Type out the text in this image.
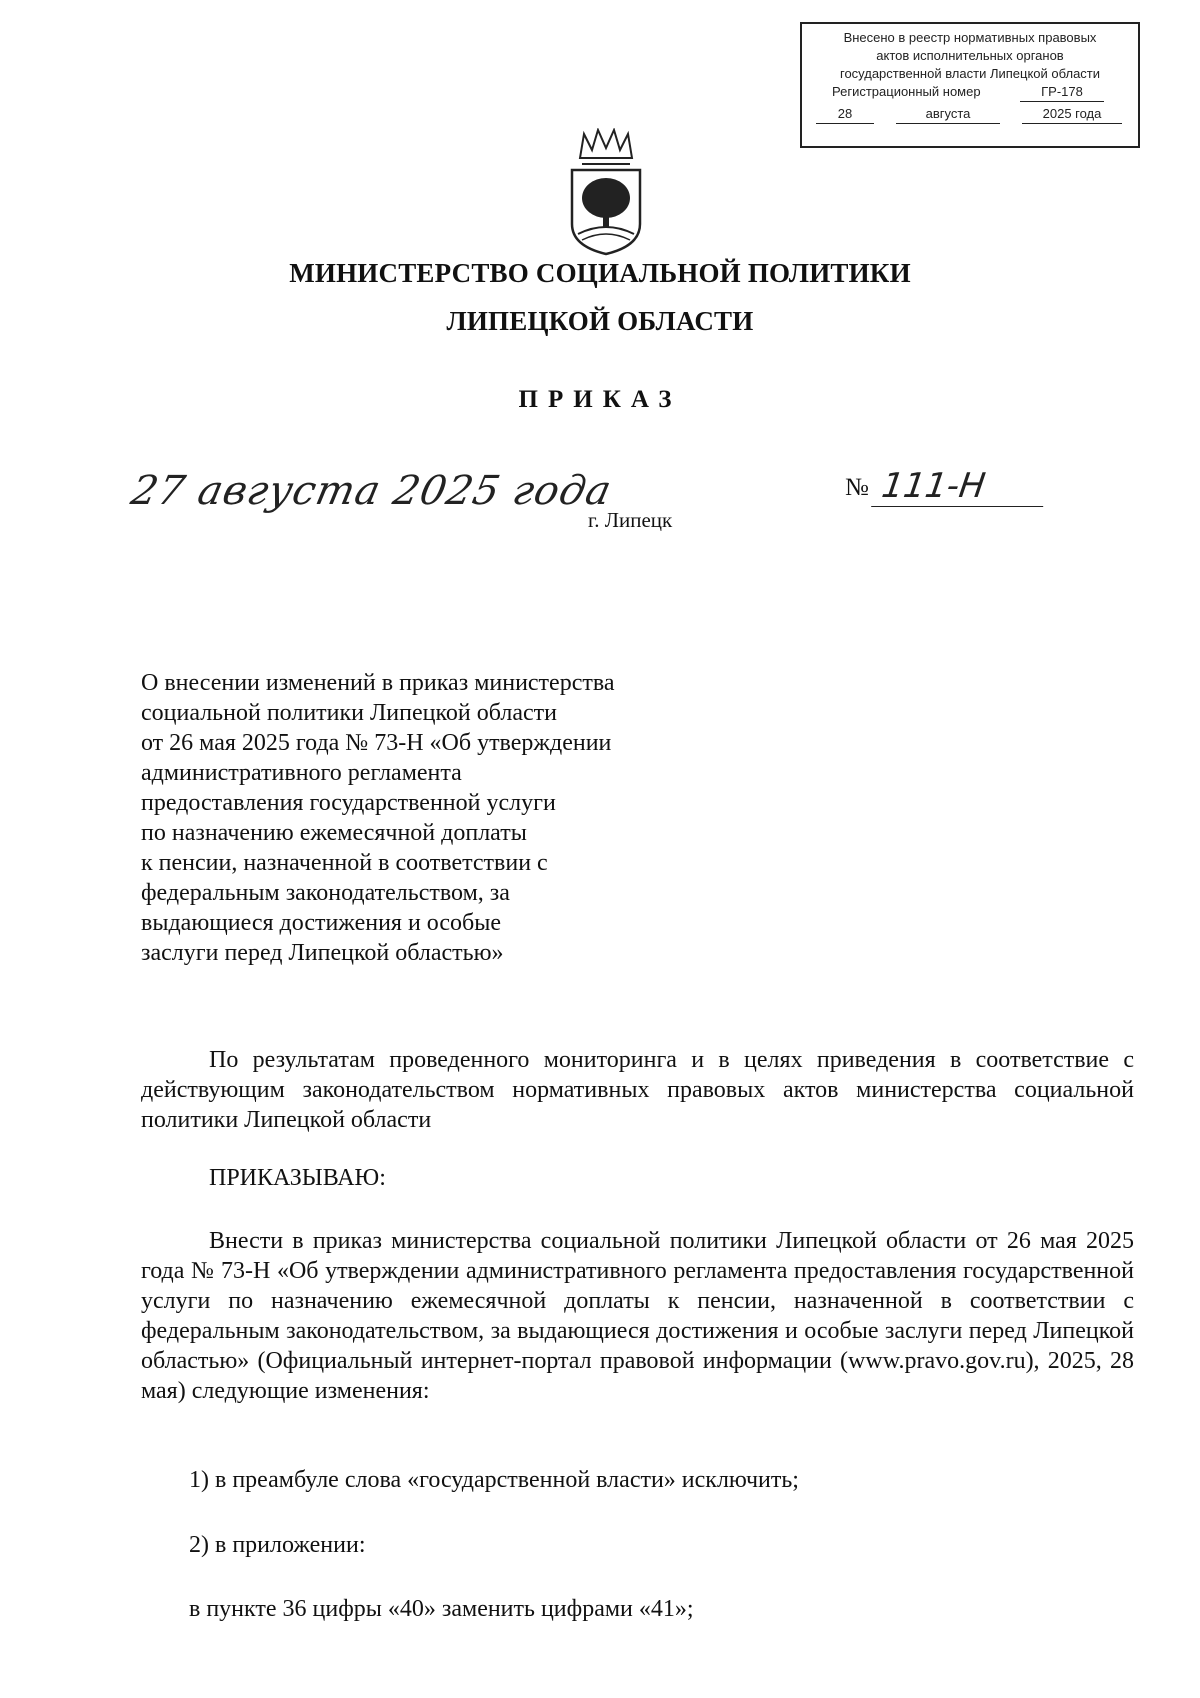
Внесено в реестр нормативных правовых
актов исполнительных органов
государственной власти Липецкой области
Регистрационный номер	ГР-178
28	августа	2025 года
МИНИСТЕРСТВО СОЦИАЛЬНОЙ ПОЛИТИКИ
ЛИПЕЦКОЙ ОБЛАСТИ
ПРИКАЗ
27 августа 2025 года
г. Липецк
№ 111-Н
О внесении изменений в приказ министерства
социальной политики Липецкой области
от 26 мая 2025 года № 73-Н «Об утверждении
административного регламента
предоставления государственной услуги
по назначению ежемесячной доплаты
к пенсии, назначенной в соответствии с
федеральным законодательством, за
выдающиеся достижения и особые
заслуги перед Липецкой областью»
По результатам проведенного мониторинга и в целях приведения в соответствие с действующим законодательством нормативных правовых актов министерства социальной политики Липецкой области
ПРИКАЗЫВАЮ:
Внести в приказ министерства социальной политики Липецкой области от 26 мая 2025 года № 73-Н «Об утверждении административного регламента предоставления государственной услуги по назначению ежемесячной доплаты к пенсии, назначенной в соответствии с федеральным законодательством, за выдающиеся достижения и особые заслуги перед Липецкой областью» (Официальный интернет-портал правовой информации (www.pravo.gov.ru), 2025, 28 мая) следующие изменения:
1) в преамбуле слова «государственной власти» исключить;
2) в приложении:
в пункте 36 цифры «40» заменить цифрами «41»;
